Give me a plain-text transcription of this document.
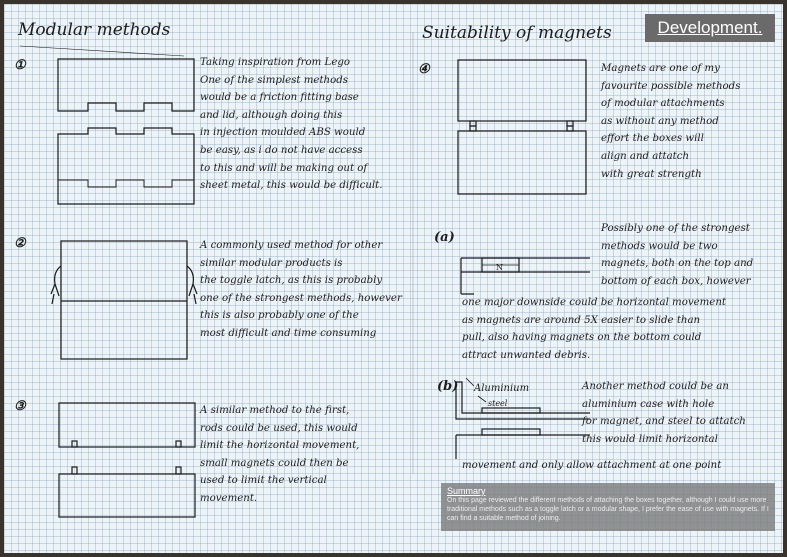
N
Aluminium
steel
Modular methods
①	Taking inspiration from Lego
One of the simplest methods
would be a friction fitting base
and lid, although doing this
in injection moulded ABS would
be easy, as i do not have access
to this and will be making out of
sheet metal, this would be difficult.
②	A commonly used method for other
similar modular products is
the toggle latch, as this is probably
one of the strongest methods, however
this is also probably one of the
most difficult and time consuming
③	A similar method to the first,
rods could be used, this would
limit the horizontal movement,
small magnets could then be
used to limit the vertical
movement.
Suitability of magnets	Development.
④	Magnets are one of my
favourite possible methods
of modular attachments
as without any method
effort the boxes will
align and attatch
with great strength
(a)
Possibly one of the strongest
methods would be two
magnets, both on the top and
bottom of each box, however
one major downside could be horizontal movement
as magnets are around 5X easier to slide than
pull, also having magnets on the bottom could
attract unwanted debris.
(b)	Another method could be an
aluminium case with hole
for magnet, and steel to attatch
this would limit horizontal
movement and only allow attachment at one point
Summary
On this page reviewed the different methods of attaching the boxes together, although I could use more traditional methods such as a toggle latch or a modular shape, I prefer the ease of use with magnets. If I can find a suitable method of joining.
